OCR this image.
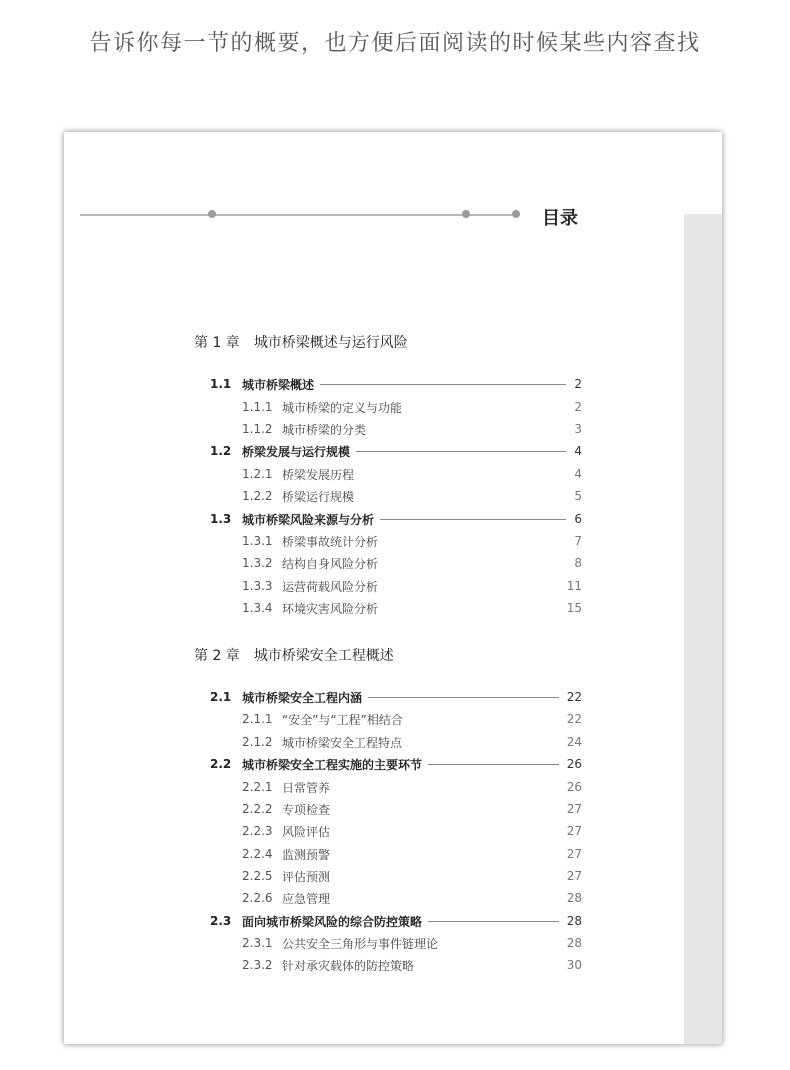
告诉你每一节的概要，也方便后面阅读的时候某些内容查找
目录
第 1 章 城市桥梁概述与运行风险
1.1 城市桥梁概述	2
1.1.1 城市桥梁的定义与功能	2
1.1.2 城市桥梁的分类	3
1.2 桥梁发展与运行规模	4
1.2.1 桥梁发展历程	4
1.2.2 桥梁运行规模	5
1.3 城市桥梁风险来源与分析	6
1.3.1 桥梁事故统计分析	7
1.3.2 结构自身风险分析	8
1.3.3 运营荷载风险分析	11
1.3.4 环境灾害风险分析	15
第 2 章 城市桥梁安全工程概述
2.1 城市桥梁安全工程内涵	22
2.1.1 “安全”与“工程”相结合	22
2.1.2 城市桥梁安全工程特点	24
2.2 城市桥梁安全工程实施的主要环节	26
2.2.1 日常管养	26
2.2.2 专项检查	27
2.2.3 风险评估	27
2.2.4 监测预警	27
2.2.5 评估预测	27
2.2.6 应急管理	28
2.3 面向城市桥梁风险的综合防控策略	28
2.3.1 公共安全三角形与事件链理论	28
2.3.2 针对承灾载体的防控策略	30
